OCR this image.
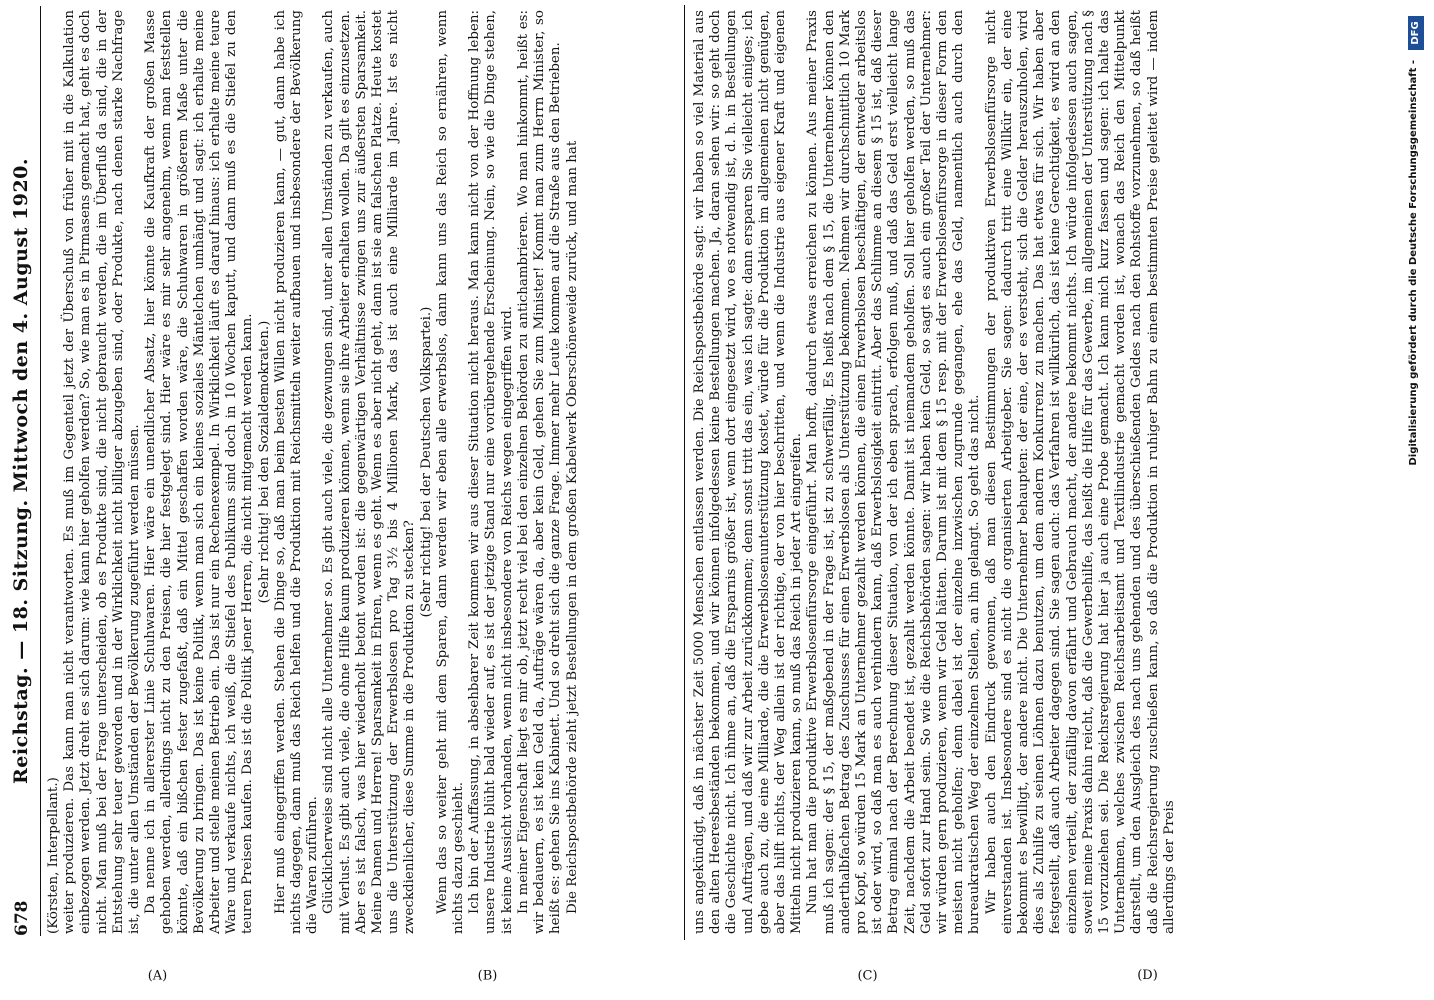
678
Reichstag. — 18. Sitzung. Mittwoch den 4. August 1920.
(A)	(B)	(C)	(D)

(Körsten, Interpellant.) weiter produzieren. Das kann man nicht verantworten. Es muß im Gegenteil jetzt der Überschuß von früher mit in die Kalkulation einbezogen werden. Jetzt dreht es sich darum: wie kann hier geholfen werden? So, wie man es in Pirmasens gemacht hat, geht es doch nicht. Man muß bei der Frage unterscheiden, ob es Produkte sind, die nicht gebraucht werden, die im Überfluß da sind, die in der Entstehung sehr teuer geworden und in der Wirklichkeit nicht billiger abzugeben sind, oder Produkte, nach denen starke Nachfrage ist, die unter allen Umständen der Bevölkerung zugeführt werden müssen. Da nenne ich in allererster Linie Schuhwaren. Hier wäre ein unendlicher Absatz, hier könnte die Kaufkraft der großen Masse gehoben werden, allerdings nicht zu den Preisen, die hier festgelegt sind. Hier wäre es mir sehr angenehm, wenn man feststellen könnte, daß ein bißchen fester zugefaßt, daß ein Mittel geschaffen worden wäre, die Schuhwaren in größerem Maße unter die Bevölkerung zu bringen. Das ist keine Politik, wenn man sich ein kleines soziales Mäntelchen umhängt und sagt: ich erhalte meine Arbeiter und stelle meinen Betrieb ein. Das ist nur ein Rechenexempel. In Wirklichkeit läuft es darauf hinaus: ich erhalte meine teure Ware und verkaufe nichts, ich weiß, die Stiefel des Publikums sind doch in 10 Wochen kaputt, und dann muß es die Stiefel zu den teuren Preisen kaufen. Das ist die Politik jener Herren, die nicht mitgemacht werden kann. (Sehr richtig! bei den Sozialdemokraten.) Hier muß eingegriffen werden. Stehen die Dinge so, daß man beim besten Willen nicht produzieren kann, — gut, dann habe ich nichts dagegen, dann muß das Reich helfen und die Produktion mit Reichsmitteln weiter aufbauen und insbesondere der Bevölkerung die Waren zuführen. Glücklicherweise sind nicht alle Unternehmer so. Es gibt auch viele, die gezwungen sind, unter allen Umständen zu verkaufen, auch mit Verlust. Es gibt auch viele, die ohne Hilfe kaum produzieren können, wenn sie ihre Arbeiter erhalten wollen. Da gilt es einzusetzen. Aber es ist falsch, was hier wiederholt betont worden ist: die gegenwärtigen Verhältnisse zwingen uns zur äußersten Sparsamkeit. Meine Damen und Herren! Sparsamkeit in Ehren, wenn es geht. Wenn es aber nicht geht, dann ist sie am falschen Platze. Heute kostet uns die Unterstützung der Erwerbslosen pro Tag 3½ bis 4 Millionen Mark, das ist auch eine Milliarde im Jahre. Ist es nicht zweckdienlicher, diese Summe in die Produktion zu stecken?

(Sehr richtig! bei der Deutschen Volkspartei.) Wenn das so weiter geht mit dem Sparen, dann werden wir eben alle erwerbslos, dann kann uns das Reich so ernähren, wenn nichts dazu geschieht. Ich bin der Auffassung, in absehbarer Zeit kommen wir aus dieser Situation nicht heraus. Man kann nicht von der Hoffnung leben: unsere Industrie blüht bald wieder auf, es ist der jetzige Stand nur eine vorübergehende Erscheinung. Nein, so wie die Dinge stehen, ist keine Aussicht vorhanden, wenn nicht insbesondere von Reichs wegen eingegriffen wird. In meiner Eigenschaft liegt es mir ob, jetzt recht viel bei den einzelnen Behörden zu antichambrieren. Wo man hinkommt, heißt es: wir bedauern, es ist kein Geld da, Aufträge wären da, aber kein Geld, gehen Sie zum Minister! Kommt man zum Herrn Minister, so heißt es: gehen Sie ins Kabinett. Und so dreht sich die ganze Frage. Immer mehr Leute kommen auf die Straße aus den Betrieben. Die Reichspostbehörde zieht jetzt Bestellungen in dem großen Kabelwerk Oberschöneweide zurück, und man hat	uns angekündigt, daß in nächster Zeit 5000 Menschen entlassen werden. Die Reichspostbehörde sagt: wir haben so viel Material aus den alten Heeresbeständen bekommen, und wir können infolgedessen keine Bestellungen machen. Ja, daran sehen wir: so geht doch die Geschichte nicht. Ich n̈hme an, daß die Ersparnis größer ist, wenn dort eingesetzt wird, wo es notwendig ist, d. h. in Bestellungen und Aufträgen, und daß wir zur Arbeit zurückkommen; denn sonst tritt das ein, was ich sagte: dann ersparen Sie vielleicht einiges; ich gebe auch zu, die eine Milliarde, die die Erwerbslosenunterstützung kostet, würde für die Produktion im allgemeinen nicht genügen, aber das hilft nichts, der Weg allein ist der richtige, der von hier beschritten, und wenn die Industrie aus eigener Kraft und eigenen Mitteln nicht produzieren kann, so muß das Reich in jeder Art eingreifen. Nun hat man die produktive Erwerbslosenfürsorge eingeführt. Man hofft, dadurch etwas erreichen zu können. Aus meiner Praxis muß ich sagen: der § 15, der maßgebend in der Frage ist, ist zu schwerfällig. Es heißt nach dem § 15, die Unternehmer können den anderthalbfachen Betrag des Zuschusses für einen Erwerbslosen als Unterstützung bekommen. Nehmen wir durchschnittlich 10 Mark pro Kopf, so würden 15 Mark an Unternehmer gezahlt werden können, die einen Erwerbslosen beschäftigen, der entweder arbeitslos ist oder wird, so daß man es auch verhindern kann, daß Erwerbslosigkeit eintritt. Aber das Schlimme an diesem § 15 ist, daß dieser Betrag einmal nach der Berechnung dieser Situation, von der ich eben sprach, erfolgen muß, und daß das Geld erst vielleicht lange Zeit, nachdem die Arbeit beendet ist, gezahlt werden könnte. Damit ist niemandem geholfen. Soll hier geholfen werden, so muß das Geld sofort zur Hand sein. So wie die Reichsbehörden sagen: wir haben kein Geld, so sagt es auch ein großer Teil der Unternehmer: wir würden gern produzieren, wenn wir Geld hätten. Darum ist mit dem § 15 resp. mit der Erwerbslosenfürsorge in dieser Form den meisten nicht geholfen; denn dabei ist der einzelne inzwischen zugrunde gegangen, ehe das Geld, namentlich auch durch den bureaukratischen Weg der einzelnen Stellen, an ihn gelangt. So geht das nicht. Wir haben auch den Eindruck gewonnen, daß man diesen Bestimmungen der produktiven Erwerbslosenfürsorge nicht einverstanden ist. Insbesondere sind es nicht die organisierten Arbeitgeber. Sie sagen: dadurch tritt eine Willkür ein, der eine bekommt es bewilligt, der andere nicht. Die Unternehmer behaupten: der eine, der es versteht, sich die Gelder herauszuholen, wird dies als Zuhilfe zu seinen Löhnen dazu benutzen, um dem andern Konkurrenz zu machen. Das hat etwas für sich. Wir haben aber festgestellt, daß auch Arbeiter dagegen sind. Sie sagen auch: das Verfahren ist willkürlich, das ist keine Gerechtigkeit, es wird an den einzelnen verteilt, der zufällig davon erfährt und Gebrauch macht, der andere bekommt nichts. Ich würde infolgedessen auch sagen, soweit meine Praxis dahin reicht, daß die Gewerbehilfe, das heißt die Hilfe für das Gewerbe, im allgemeinen der Unterstützung nach § 15 vorzuziehen sei. Die Reichsregierung hat hier ja auch eine Probe gemacht. Ich kann mich kurz fassen und sagen: ich halte das Unternehmen, welches zwischen Reichsarbeitsamt und Textilindustrie gemacht worden ist, wonach das Reich den Mittelpunkt darstellt, um den Ausgleich des nach uns gehenden und des überschießenden Geldes nach den Rohstoffe vorzunehmen, so daß heißt daß die Reichsregierung zuschießen kann, so daß die Produktion in ruhiger Bahn zu einem bestimmten Preise geleitet wird — indem allerdings der Preis

Digitalisierung gefördert durch die Deutsche Forschungsgemeinschaft -
DFG
